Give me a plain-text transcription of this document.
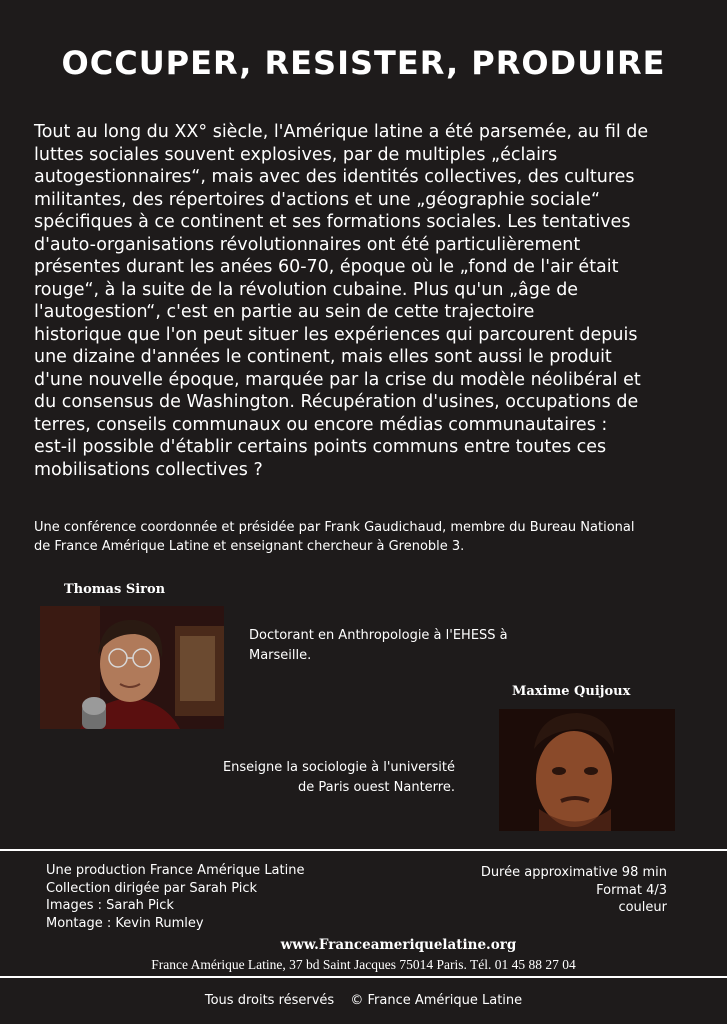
OCCUPER, RESISTER, PRODUIRE
Tout au long du XX° siècle, l'Amérique latine a été parsemée, au fil de
luttes sociales souvent explosives, par de multiples „éclairs
autogestionnaires“, mais avec des identités collectives, des cultures
militantes, des répertoires d'actions et une „géographie sociale“
spécifiques à ce continent et ses formations sociales. Les tentatives
d'auto-organisations révolutionnaires ont été particulièrement
présentes durant les anées 60-70, époque où le „fond de l'air était
rouge“, à la suite de la révolution cubaine. Plus qu'un „âge de
l'autogestion“, c'est en partie au sein de cette trajectoire
historique que l'on peut situer les expériences qui parcourent depuis
une dizaine d'années le continent, mais elles sont aussi le produit
d'une nouvelle époque, marquée par la crise du modèle néolibéral et
du consensus de Washington. Récupération d'usines, occupations de
terres, conseils communaux ou encore médias communautaires :
est-il possible d'établir certains points communs entre toutes ces
mobilisations collectives ?
Une conférence coordonnée et présidée par Frank Gaudichaud, membre du Bureau National
de France Amérique Latine et enseignant chercheur à Grenoble 3.
Thomas Siron
Doctorant en Anthropologie à l'EHESS à
Marseille.
Maxime Quijoux
Enseigne la sociologie à l'université
de Paris ouest Nanterre.
Une production France Amérique Latine
Collection dirigée par Sarah Pick
Images : Sarah Pick
Montage : Kevin Rumley
Durée approximative 98 min
Format 4/3
couleur
www.Franceameriquelatine.org
France Amérique Latine, 37 bd Saint Jacques 75014 Paris. Tél. 01 45 88 27 04
Tous droits réservés © France Amérique Latine
